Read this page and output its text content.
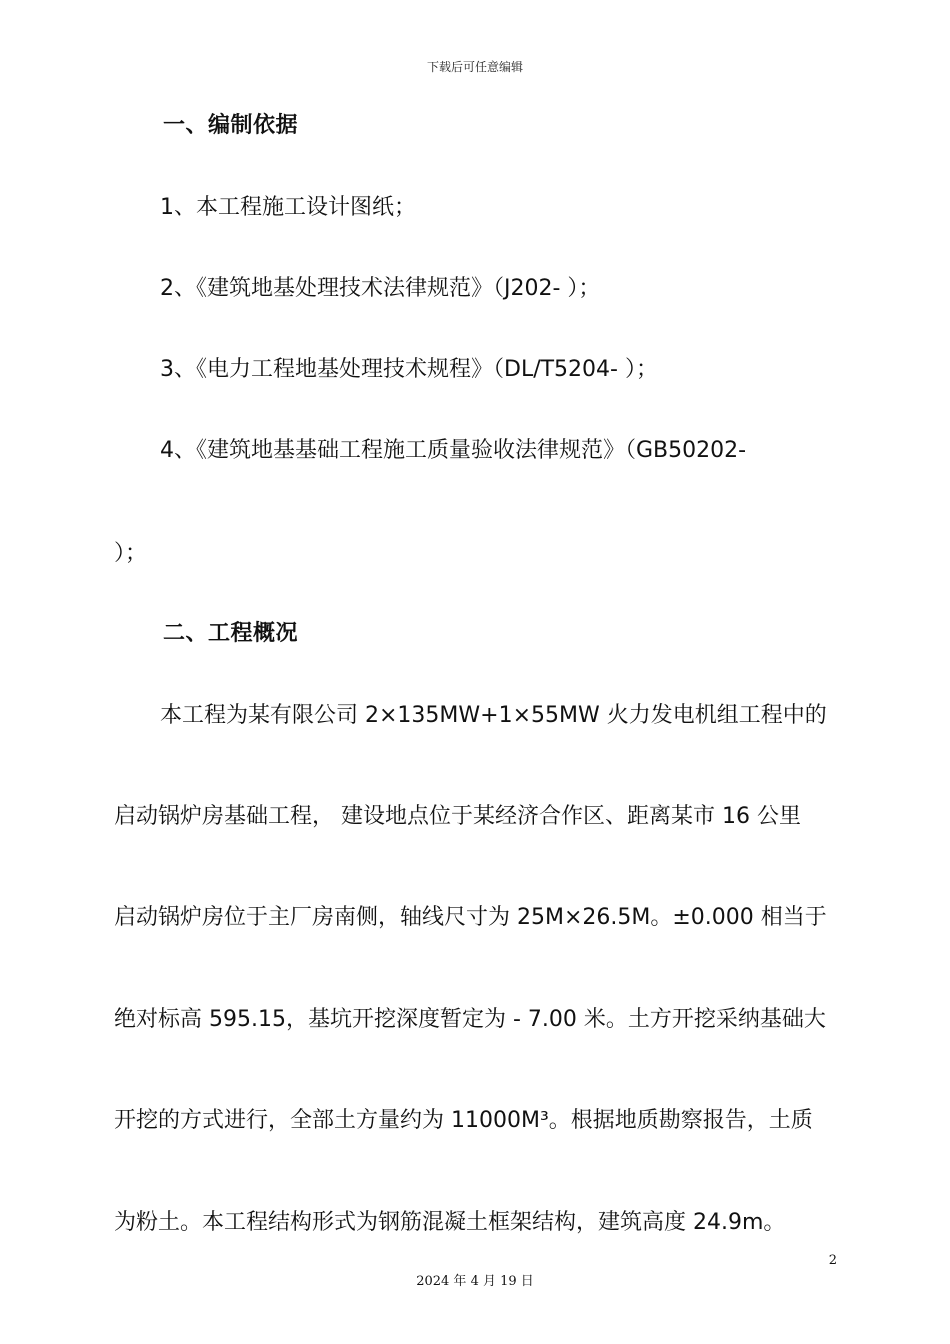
下载后可任意编辑
一、编制依据
1、本工程施工设计图纸；
2、《建筑地基处理技术法律规范》（J202- ）；
3、《电力工程地基处理技术规程》（DL/T5204- ）；
4、《建筑地基基础工程施工质量验收法律规范》（GB50202-
）；
二、工程概况
本工程为某有限公司 2×135MW+1×55MW 火力发电机组工程中的
启动锅炉房基础工程， 建设地点位于某经济合作区、距离某市 16 公里
启动锅炉房位于主厂房南侧，轴线尺寸为 25M×26.5M。±0.000 相当于
绝对标高 595.15，基坑开挖深度暂定为 - 7.00 米。土方开挖采纳基础大
开挖的方式进行，全部土方量约为 11000M³。根据地质勘察报告，土质
为粉土。本工程结构形式为钢筋混凝土框架结构，建筑高度 24.9m。
2
2024 年 4 月 19 日
